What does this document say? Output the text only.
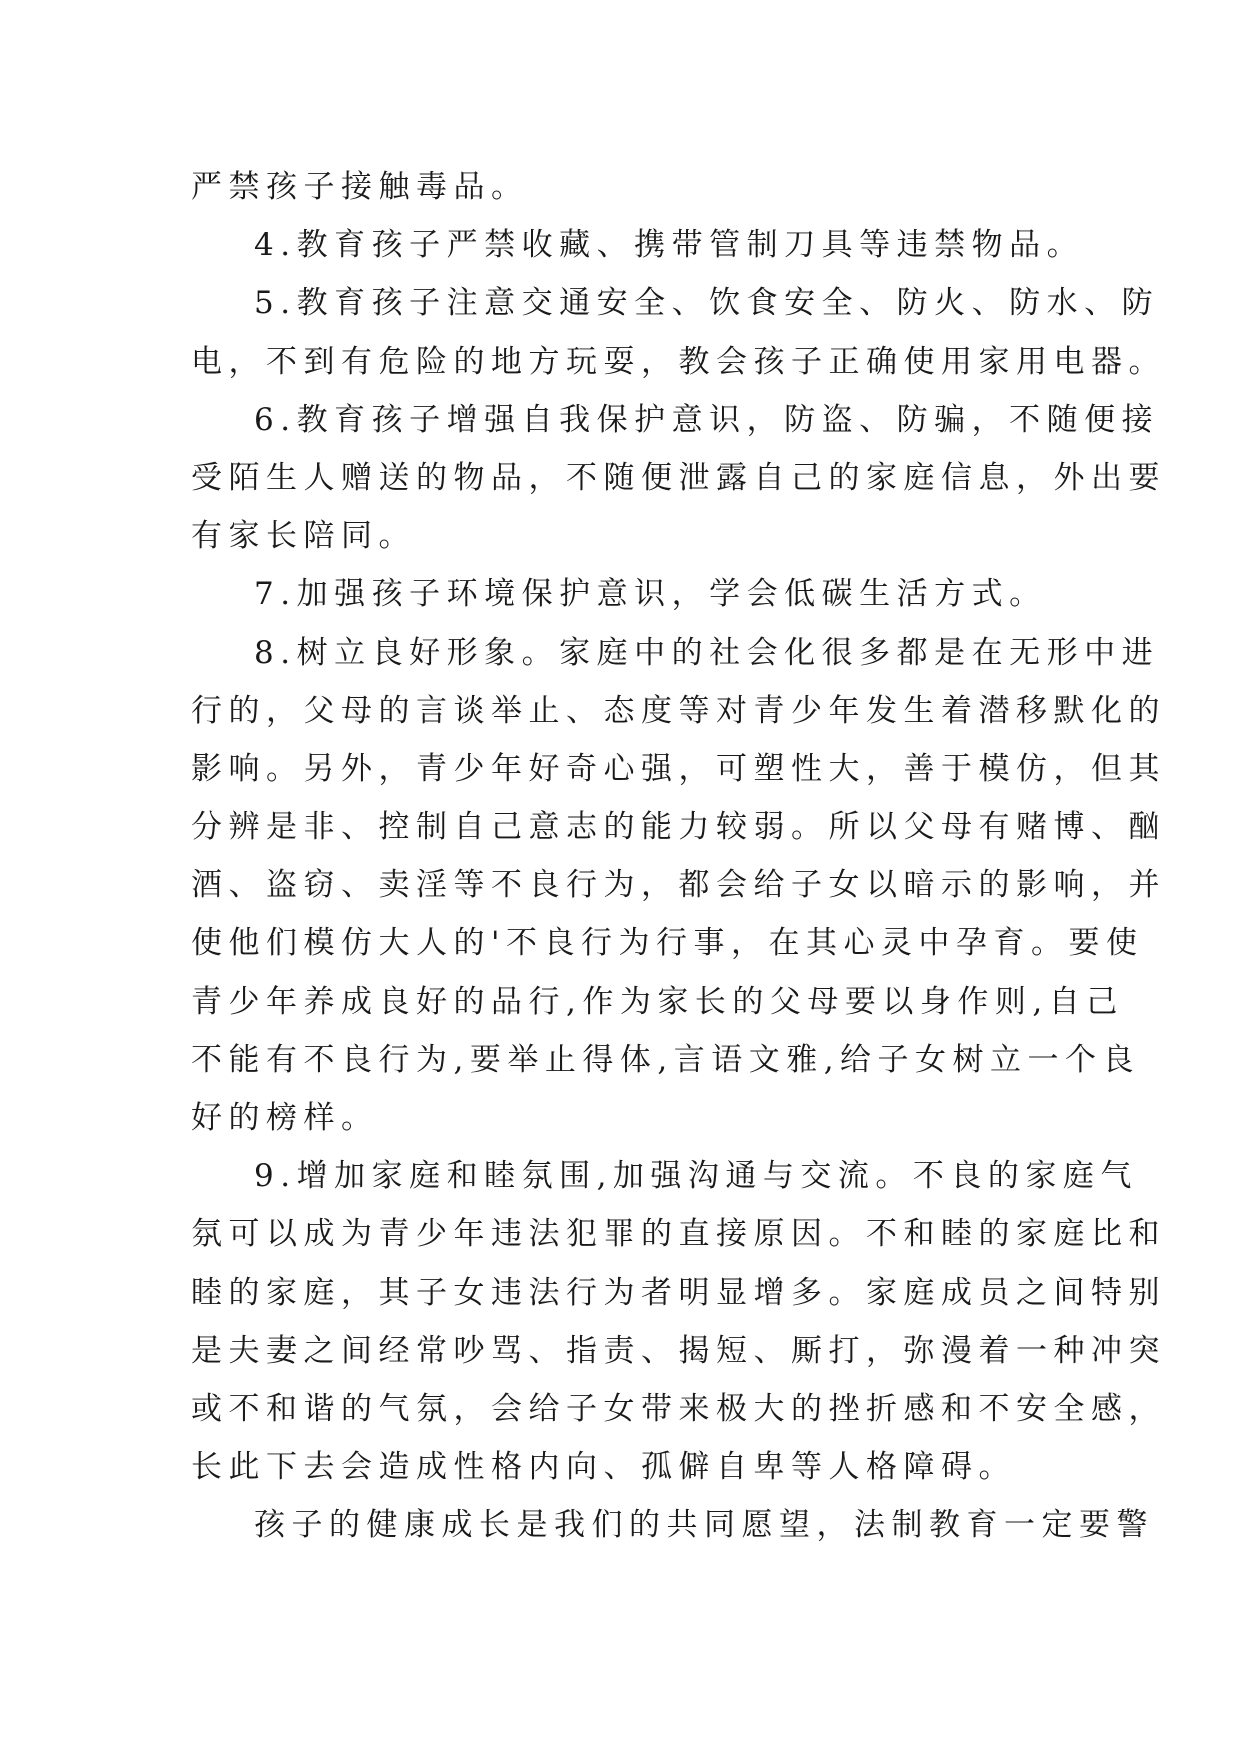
严禁孩子接触毒品。
4.教育孩子严禁收藏、携带管制刀具等违禁物品。
5.教育孩子注意交通安全、饮食安全、防火、防水、防
电，不到有危险的地方玩耍，教会孩子正确使用家用电器。
6.教育孩子增强自我保护意识，防盗、防骗，不随便接
受陌生人赠送的物品，不随便泄露自己的家庭信息，外出要
有家长陪同。
7.加强孩子环境保护意识，学会低碳生活方式。
8.树立良好形象。家庭中的社会化很多都是在无形中进
行的，父母的言谈举止、态度等对青少年发生着潜移默化的
影响。另外，青少年好奇心强，可塑性大，善于模仿，但其
分辨是非、控制自己意志的能力较弱。所以父母有赌博、酗
酒、盗窃、卖淫等不良行为，都会给子女以暗示的影响，并
使他们模仿大人的'不良行为行事，在其心灵中孕育。要使
青少年养成良好的品行,作为家长的父母要以身作则,自己
不能有不良行为,要举止得体,言语文雅,给子女树立一个良
好的榜样。
9.增加家庭和睦氛围,加强沟通与交流。不良的家庭气
氛可以成为青少年违法犯罪的直接原因。不和睦的家庭比和
睦的家庭，其子女违法行为者明显增多。家庭成员之间特别
是夫妻之间经常吵骂、指责、揭短、厮打，弥漫着一种冲突
或不和谐的气氛，会给子女带来极大的挫折感和不安全感，
长此下去会造成性格内向、孤僻自卑等人格障碍。
孩子的健康成长是我们的共同愿望，法制教育一定要警
